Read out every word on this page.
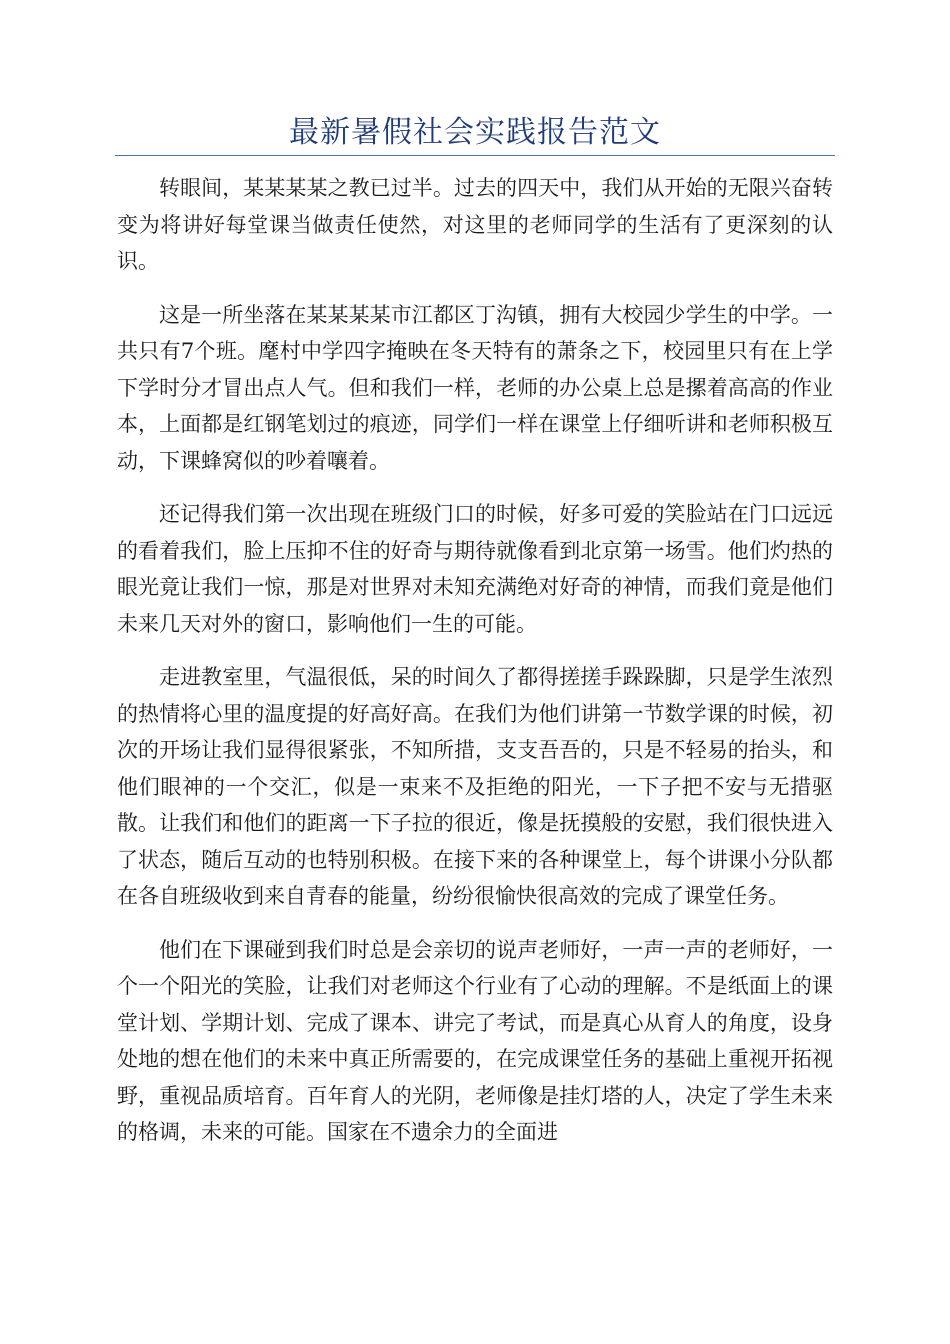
最新暑假社会实践报告范文

转眼间，某某某某之教已过半。过去的四天中，我们从开始的无限兴奋转变为将讲好每堂课当做责任使然，对这里的老师同学的生活有了更深刻的认识。

这是一所坐落在某某某某市江都区丁沟镇，拥有大校园少学生的中学。一共只有7个班。麾村中学四字掩映在冬天特有的萧条之下，校园里只有在上学下学时分才冒出点人气。但和我们一样，老师的办公桌上总是摞着高高的作业本，上面都是红钢笔划过的痕迹，同学们一样在课堂上仔细听讲和老师积极互动，下课蜂窝似的吵着嚷着。

还记得我们第一次出现在班级门口的时候，好多可爱的笑脸站在门口远远的看着我们，脸上压抑不住的好奇与期待就像看到北京第一场雪。他们灼热的眼光竟让我们一惊，那是对世界对未知充满绝对好奇的神情，而我们竟是他们未来几天对外的窗口，影响他们一生的可能。

走进教室里，气温很低，呆的时间久了都得搓搓手跺跺脚，只是学生浓烈的热情将心里的温度提的好高好高。在我们为他们讲第一节数学课的时候，初次的开场让我们显得很紧张，不知所措，支支吾吾的，只是不轻易的抬头，和他们眼神的一个交汇，似是一束来不及拒绝的阳光，一下子把不安与无措驱散。让我们和他们的距离一下子拉的很近，像是抚摸般的安慰，我们很快进入了状态，随后互动的也特别积极。在接下来的各种课堂上，每个讲课小分队都在各自班级收到来自青春的能量，纷纷很愉快很高效的完成了课堂任务。

他们在下课碰到我们时总是会亲切的说声老师好，一声一声的老师好，一个一个阳光的笑脸，让我们对老师这个行业有了心动的理解。不是纸面上的课堂计划、学期计划、完成了课本、讲完了考试，而是真心从育人的角度，设身处地的想在他们的未来中真正所需要的，在完成课堂任务的基础上重视开拓视野，重视品质培育。百年育人的光阴，老师像是挂灯塔的人，决定了学生未来的格调，未来的可能。国家在不遗余力的全面进
